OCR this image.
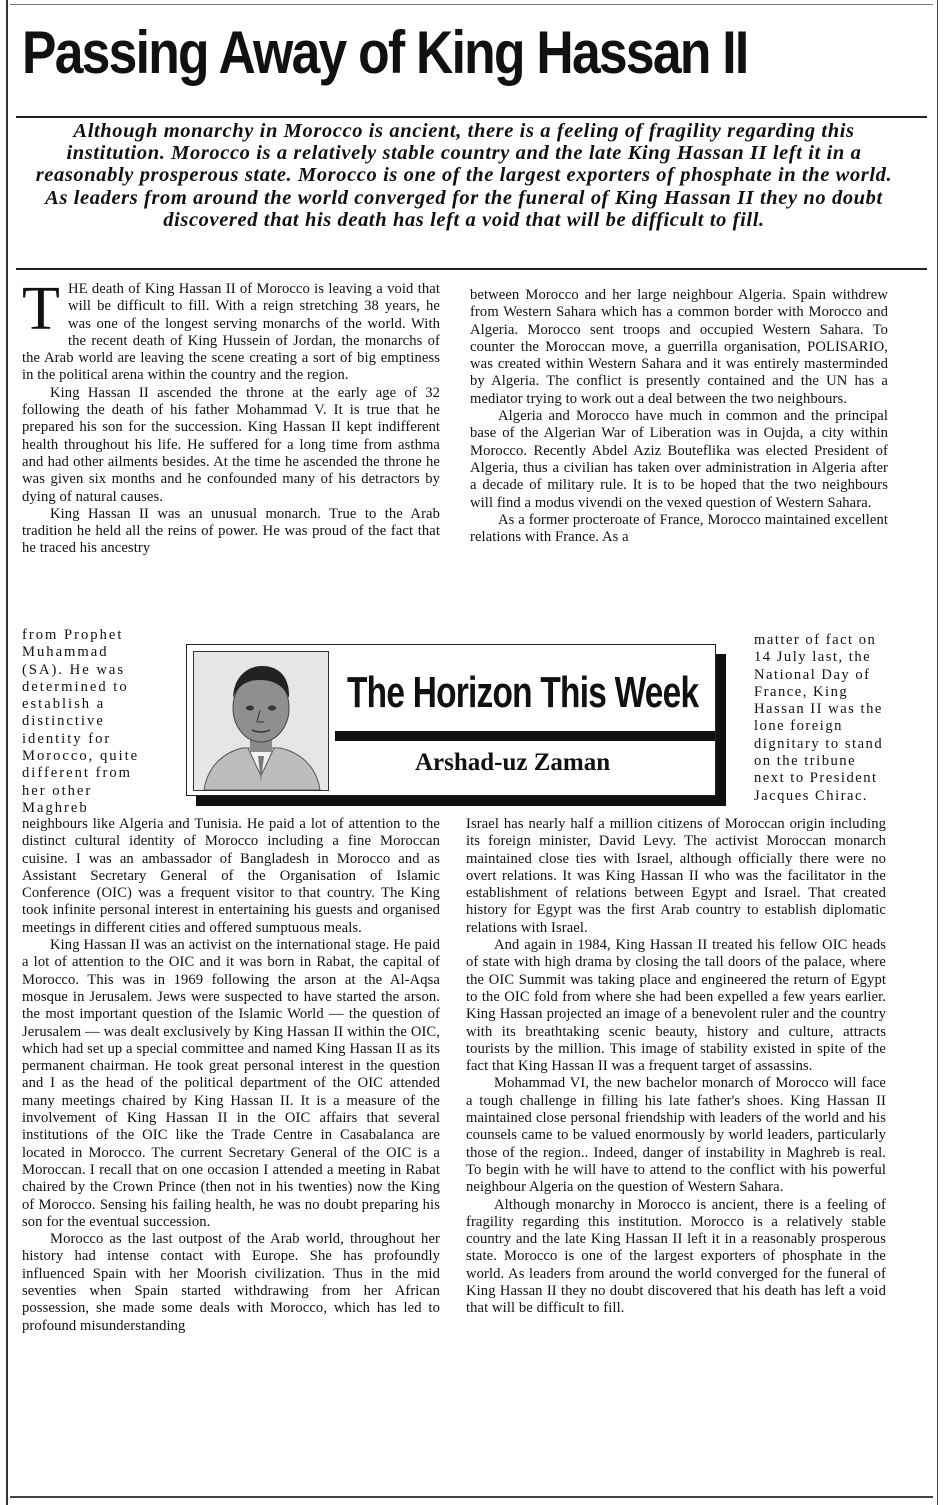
Passing Away of King Hassan II

Although monarchy in Morocco is ancient, there is a feeling of fragility regarding this institution. Morocco is a relatively stable country and the late King Hassan II left it in a reasonably prosperous state. Morocco is one of the largest exporters of phosphate in the world. As leaders from around the world converged for the funeral of King Hassan II they no doubt discovered that his death has left a void that will be difficult to fill.

THE death of King Hassan II of Morocco is leaving a void that will be difficult to fill. With a reign stretching 38 years, he was one of the longest serving monarchs of the world. With the recent death of King Hussein of Jordan, the monarchs of the Arab world are leaving the scene creating a sort of big emptiness in the political arena within the country and the region.

King Hassan II ascended the throne at the early age of 32 following the death of his father Mohammad V. It is true that he prepared his son for the succession. King Hassan II kept indifferent health throughout his life. He suffered for a long time from asthma and had other ailments besides. At the time he ascended the throne he was given six months and he confounded many of his detractors by dying of natural causes.

King Hassan II was an unusual monarch. True to the Arab tradition he held all the reins of power. He was proud of the fact that he traced his ancestry

from Prophet Muhammad (SA). He was determined to establish a distinctive identity for Morocco, quite different from her other Maghreb

neighbours like Algeria and Tunisia. He paid a lot of attention to the distinct cultural identity of Morocco including a fine Moroccan cuisine. I was an ambassador of Bangladesh in Morocco and as Assistant Secretary General of the Organisation of Islamic Conference (OIC) was a frequent visitor to that country. The King took infinite personal interest in entertaining his guests and organised meetings in different cities and offered sumptuous meals.

King Hassan II was an activist on the international stage. He paid a lot of attention to the OIC and it was born in Rabat, the capital of Morocco. This was in 1969 following the arson at the Al-Aqsa mosque in Jerusalem. Jews were suspected to have started the arson. the most important question of the Islamic World — the question of Jerusalem — was dealt exclusively by King Hassan II within the OIC, which had set up a special committee and named King Hassan II as its permanent chairman. He took great personal interest in the question and I as the head of the political department of the OIC attended many meetings chaired by King Hassan II. It is a measure of the involvement of King Hassan II in the OIC affairs that several institutions of the OIC like the Trade Centre in Casabalanca are located in Morocco. The current Secretary General of the OIC is a Moroccan. I recall that on one occasion I attended a meeting in Rabat chaired by the Crown Prince (then not in his twenties) now the King of Morocco. Sensing his failing health, he was no doubt preparing his son for the eventual succession.

Morocco as the last outpost of the Arab world, throughout her history had intense contact with Europe. She has profoundly influenced Spain with her Moorish civilization. Thus in the mid seventies when Spain started withdrawing from her African possession, she made some deals with Morocco, which has led to profound misunderstanding

between Morocco and her large neighbour Algeria. Spain withdrew from Western Sahara which has a common border with Morocco and Algeria. Morocco sent troops and occupied Western Sahara. To counter the Moroccan move, a guerrilla organisation, POLISARIO, was created within Western Sahara and it was entirely masterminded by Algeria. The conflict is presently contained and the UN has a mediator trying to work out a deal between the two neighbours.

Algeria and Morocco have much in common and the principal base of the Algerian War of Liberation was in Oujda, a city within Morocco. Recently Abdel Aziz Bouteflika was elected President of Algeria, thus a civilian has taken over administration in Algeria after a decade of military rule. It is to be hoped that the two neighbours will find a modus vivendi on the vexed question of Western Sahara.

As a former procteroate of France, Morocco maintained excellent relations with France. As a

matter of fact on 14 July last, the National Day of France, King Hassan II was the lone foreign dignitary to stand on the tribune next to President Jacques Chirac.

Israel has nearly half a million citizens of Moroccan origin including its foreign minister, David Levy. The activist Moroccan monarch maintained close ties with Israel, although officially there were no overt relations. It was King Hassan II who was the facilitator in the establishment of relations between Egypt and Israel. That created history for Egypt was the first Arab country to establish diplomatic relations with Israel.

And again in 1984, King Hassan II treated his fellow OIC heads of state with high drama by closing the tall doors of the palace, where the OIC Summit was taking place and engineered the return of Egypt to the OIC fold from where she had been expelled a few years earlier. King Hassan projected an image of a benevolent ruler and the country with its breathtaking scenic beauty, history and culture, attracts tourists by the million. This image of stability existed in spite of the fact that King Hassan II was a frequent target of assassins.

Mohammad VI, the new bachelor monarch of Morocco will face a tough challenge in filling his late father's shoes. King Hassan II maintained close personal friendship with leaders of the world and his counsels came to be valued enormously by world leaders, particularly those of the region.. Indeed, danger of instability in Maghreb is real. To begin with he will have to attend to the conflict with his powerful neighbour Algeria on the question of Western Sahara.

Although monarchy in Morocco is ancient, there is a feeling of fragility regarding this institution. Morocco is a relatively stable country and the late King Hassan II left it in a reasonably prosperous state. Morocco is one of the largest exporters of phosphate in the world. As leaders from around the world converged for the funeral of King Hassan II they no doubt discovered that his death has left a void that will be difficult to fill.

The Horizon This Week
Arshad-uz Zaman
